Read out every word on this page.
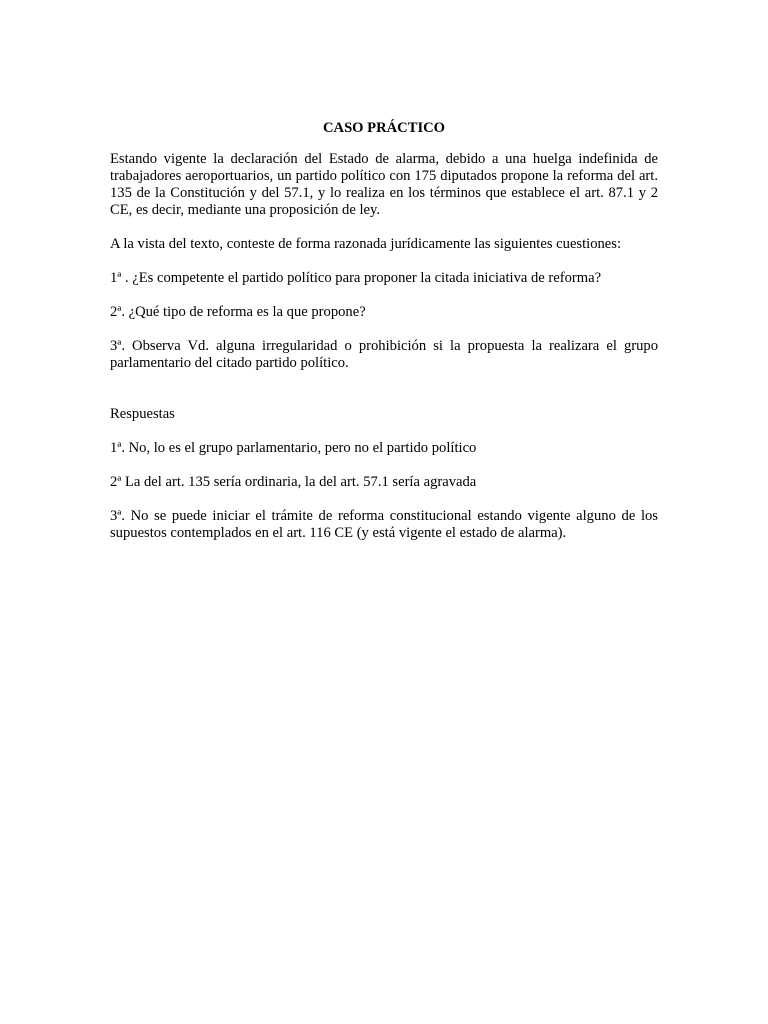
CASO PRÁCTICO

Estando vigente la declaración del Estado de alarma, debido a una huelga indefinida de trabajadores aeroportuarios, un partido político con 175 diputados propone la reforma del art. 135 de la Constitución y del 57.1, y lo realiza en los términos que establece el art. 87.1 y 2 CE, es decir, mediante una proposición de ley.

A la vista del texto, conteste de forma razonada jurídicamente las siguientes cuestiones:

1ª . ¿Es competente el partido político para proponer la citada iniciativa de reforma?

2ª. ¿Qué tipo de reforma es la que propone?

3ª. Observa Vd. alguna irregularidad o prohibición si la propuesta la realizara el grupo parlamentario del citado partido político.

Respuestas

1ª. No, lo es el grupo parlamentario, pero no el partido político

2ª La del art. 135 sería ordinaria, la del art. 57.1 sería agravada

3ª. No se puede iniciar el trámite de reforma constitucional estando vigente alguno de los supuestos contemplados en el art. 116 CE (y está vigente el estado de alarma).
